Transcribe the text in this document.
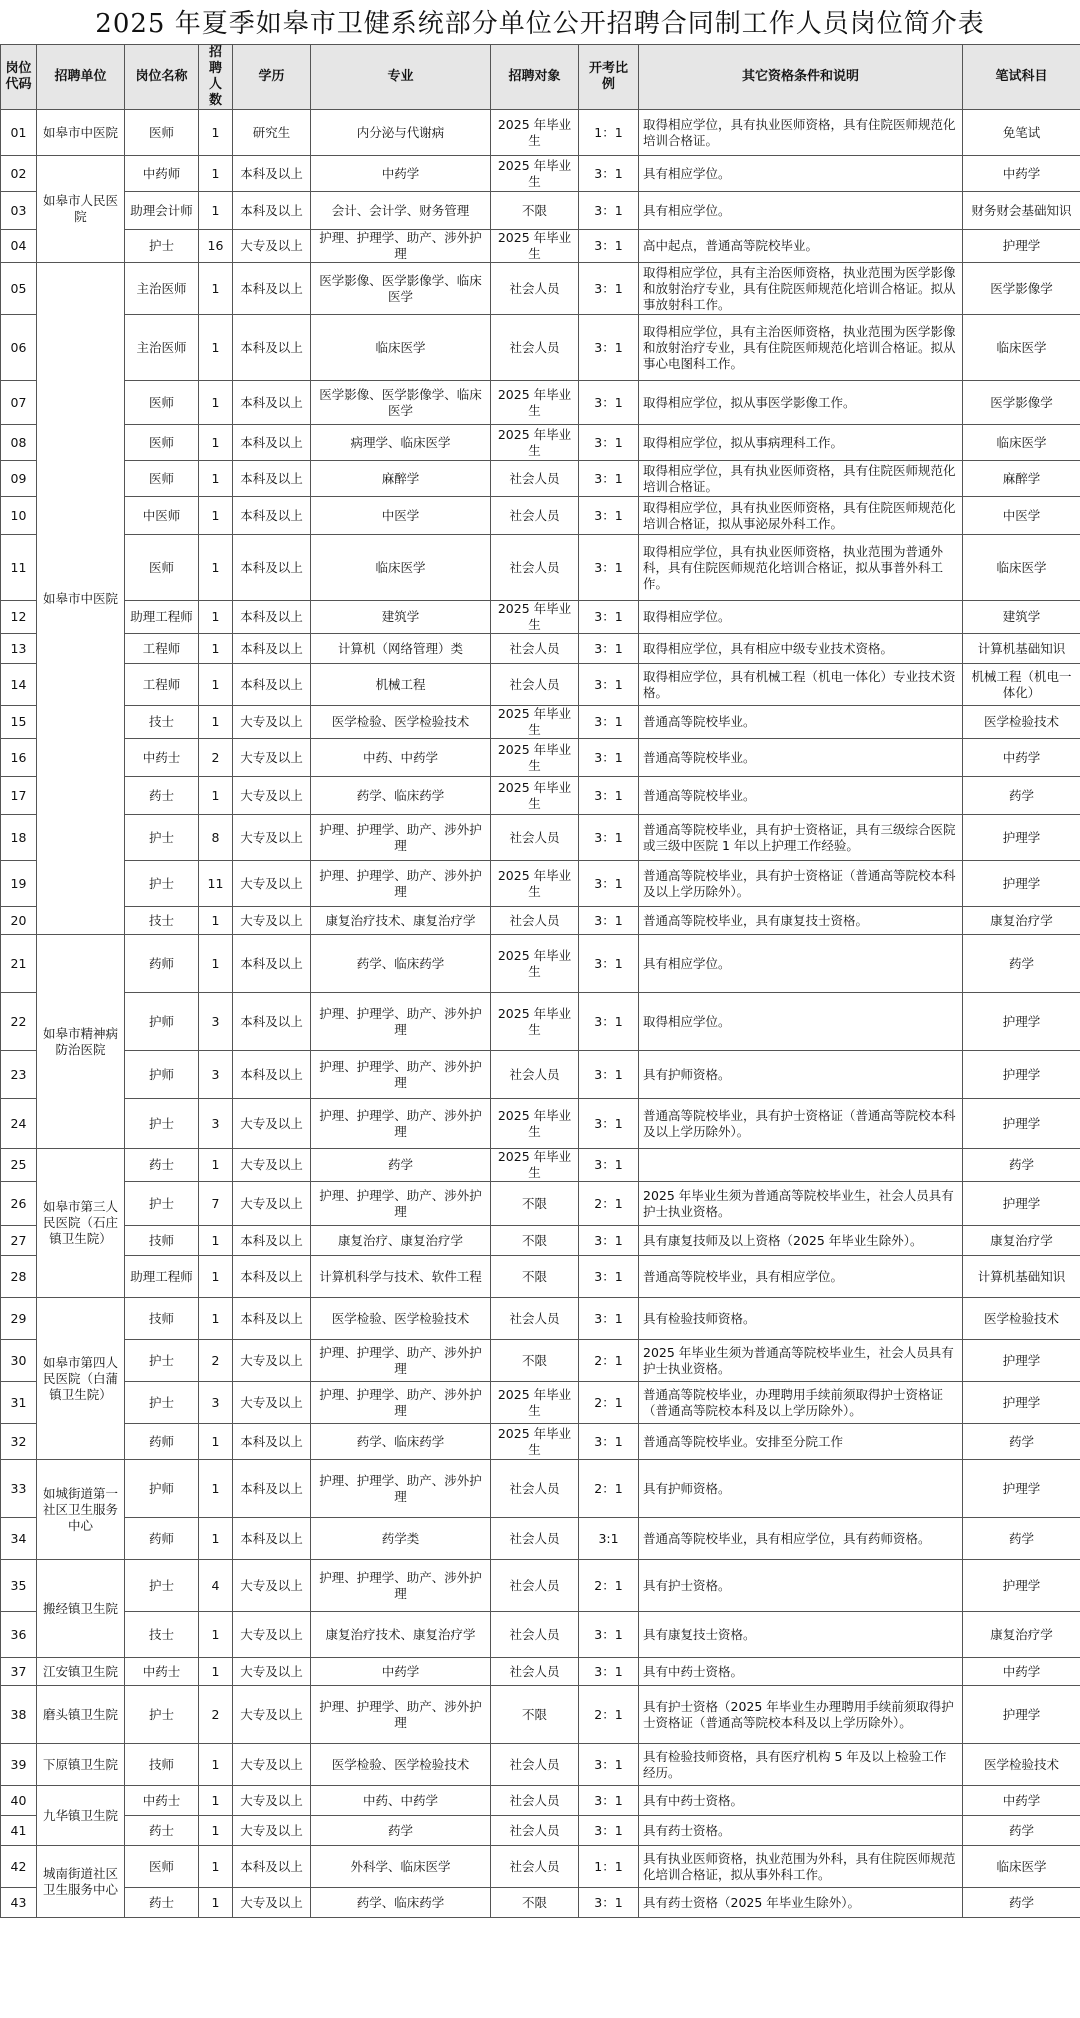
2025 年夏季如皋市卫健系统部分单位公开招聘合同制工作人员岗位简介表
岗位代码	招聘单位	岗位名称	招聘人数	学历	专业	招聘对象	开考比例	其它资格条件和说明	笔试科目
01	如皋市中医院	医师	1	研究生	内分泌与代谢病	2025 年毕业生	1：1	取得相应学位，具有执业医师资格，具有住院医师规范化培训合格证。	免笔试
02	如皋市人民医院	中药师	1	本科及以上	中药学	2025 年毕业生	3：1	具有相应学位。	中药学
03		助理会计师	1	本科及以上	会计、会计学、财务管理	不限	3：1	具有相应学位。	财务财会基础知识
04		护士	16	大专及以上	护理、护理学、助产、涉外护理	2025 年毕业生	3：1	高中起点，普通高等院校毕业。	护理学
05	如皋市中医院	主治医师	1	本科及以上	医学影像、医学影像学、临床医学	社会人员	3：1	取得相应学位，具有主治医师资格，执业范围为医学影像和放射治疗专业，具有住院医师规范化培训合格证。拟从事放射科工作。	医学影像学
06		主治医师	1	本科及以上	临床医学	社会人员	3：1	取得相应学位，具有主治医师资格，执业范围为医学影像和放射治疗专业，具有住院医师规范化培训合格证。拟从事心电图科工作。	临床医学
07		医师	1	本科及以上	医学影像、医学影像学、临床医学	2025 年毕业生	3：1	取得相应学位，拟从事医学影像工作。	医学影像学
08		医师	1	本科及以上	病理学、临床医学	2025 年毕业生	3：1	取得相应学位，拟从事病理科工作。	临床医学
09		医师	1	本科及以上	麻醉学	社会人员	3：1	取得相应学位，具有执业医师资格，具有住院医师规范化培训合格证。	麻醉学
10		中医师	1	本科及以上	中医学	社会人员	3：1	取得相应学位，具有执业医师资格，具有住院医师规范化培训合格证，拟从事泌尿外科工作。	中医学
11		医师	1	本科及以上	临床医学	社会人员	3：1	取得相应学位，具有执业医师资格，执业范围为普通外科，具有住院医师规范化培训合格证，拟从事普外科工作。	临床医学
12		助理工程师	1	本科及以上	建筑学	2025 年毕业生	3：1	取得相应学位。	建筑学
13		工程师	1	本科及以上	计算机（网络管理）类	社会人员	3：1	取得相应学位，具有相应中级专业技术资格。	计算机基础知识
14		工程师	1	本科及以上	机械工程	社会人员	3：1	取得相应学位，具有机械工程（机电一体化）专业技术资格。	机械工程（机电一体化）
15		技士	1	大专及以上	医学检验、医学检验技术	2025 年毕业生	3：1	普通高等院校毕业。	医学检验技术
16		中药士	2	大专及以上	中药、中药学	2025 年毕业生	3：1	普通高等院校毕业。	中药学
17		药士	1	大专及以上	药学、临床药学	2025 年毕业生	3：1	普通高等院校毕业。	药学
18		护士	8	大专及以上	护理、护理学、助产、涉外护理	社会人员	3：1	普通高等院校毕业，具有护士资格证，具有三级综合医院或三级中医院 1 年以上护理工作经验。	护理学
19		护士	11	大专及以上	护理、护理学、助产、涉外护理	2025 年毕业生	3：1	普通高等院校毕业，具有护士资格证（普通高等院校本科及以上学历除外）。	护理学
20		技士	1	大专及以上	康复治疗技术、康复治疗学	社会人员	3：1	普通高等院校毕业，具有康复技士资格。	康复治疗学
21	如皋市精神病防治医院	药师	1	本科及以上	药学、临床药学	2025 年毕业生	3：1	具有相应学位。	药学
22		护师	3	本科及以上	护理、护理学、助产、涉外护理	2025 年毕业生	3：1	取得相应学位。	护理学
23		护师	3	本科及以上	护理、护理学、助产、涉外护理	社会人员	3：1	具有护师资格。	护理学
24		护士	3	大专及以上	护理、护理学、助产、涉外护理	2025 年毕业生	3：1	普通高等院校毕业，具有护士资格证（普通高等院校本科及以上学历除外）。	护理学
25	如皋市第三人民医院（石庄镇卫生院）	药士	1	大专及以上	药学	2025 年毕业生	3：1		药学
26		护士	7	大专及以上	护理、护理学、助产、涉外护理	不限	2：1	2025 年毕业生须为普通高等院校毕业生，社会人员具有护士执业资格。	护理学
27		技师	1	本科及以上	康复治疗、康复治疗学	不限	3：1	具有康复技师及以上资格（2025 年毕业生除外）。	康复治疗学
28		助理工程师	1	本科及以上	计算机科学与技术、软件工程	不限	3：1	普通高等院校毕业，具有相应学位。	计算机基础知识
29	如皋市第四人民医院（白蒲镇卫生院）	技师	1	本科及以上	医学检验、医学检验技术	社会人员	3：1	具有检验技师资格。	医学检验技术
30		护士	2	大专及以上	护理、护理学、助产、涉外护理	不限	2：1	2025 年毕业生须为普通高等院校毕业生，社会人员具有护士执业资格。	护理学
31		护士	3	大专及以上	护理、护理学、助产、涉外护理	2025 年毕业生	2：1	普通高等院校毕业，办理聘用手续前须取得护士资格证（普通高等院校本科及以上学历除外）。	护理学
32		药师	1	本科及以上	药学、临床药学	2025 年毕业生	3：1	普通高等院校毕业。安排至分院工作	药学
33	如城街道第一社区卫生服务中心	护师	1	本科及以上	护理、护理学、助产、涉外护理	社会人员	2：1	具有护师资格。	护理学
34		药师	1	本科及以上	药学类	社会人员	3:1	普通高等院校毕业，具有相应学位，具有药师资格。	药学
35	搬经镇卫生院	护士	4	大专及以上	护理、护理学、助产、涉外护理	社会人员	2：1	具有护士资格。	护理学
36		技士	1	大专及以上	康复治疗技术、康复治疗学	社会人员	3：1	具有康复技士资格。	康复治疗学
37	江安镇卫生院	中药士	1	大专及以上	中药学	社会人员	3：1	具有中药士资格。	中药学
38	磨头镇卫生院	护士	2	大专及以上	护理、护理学、助产、涉外护理	不限	2：1	具有护士资格（2025 年毕业生办理聘用手续前须取得护士资格证（普通高等院校本科及以上学历除外）。	护理学
39	下原镇卫生院	技师	1	大专及以上	医学检验、医学检验技术	社会人员	3：1	具有检验技师资格，具有医疗机构 5 年及以上检验工作经历。	医学检验技术
40	九华镇卫生院	中药士	1	大专及以上	中药、中药学	社会人员	3：1	具有中药士资格。	中药学
41		药士	1	大专及以上	药学	社会人员	3：1	具有药士资格。	药学
42	城南街道社区卫生服务中心	医师	1	本科及以上	外科学、临床医学	社会人员	1：1	具有执业医师资格，执业范围为外科，具有住院医师规范化培训合格证，拟从事外科工作。	临床医学
43		药士	1	大专及以上	药学、临床药学	不限	3：1	具有药士资格（2025 年毕业生除外）。	药学
